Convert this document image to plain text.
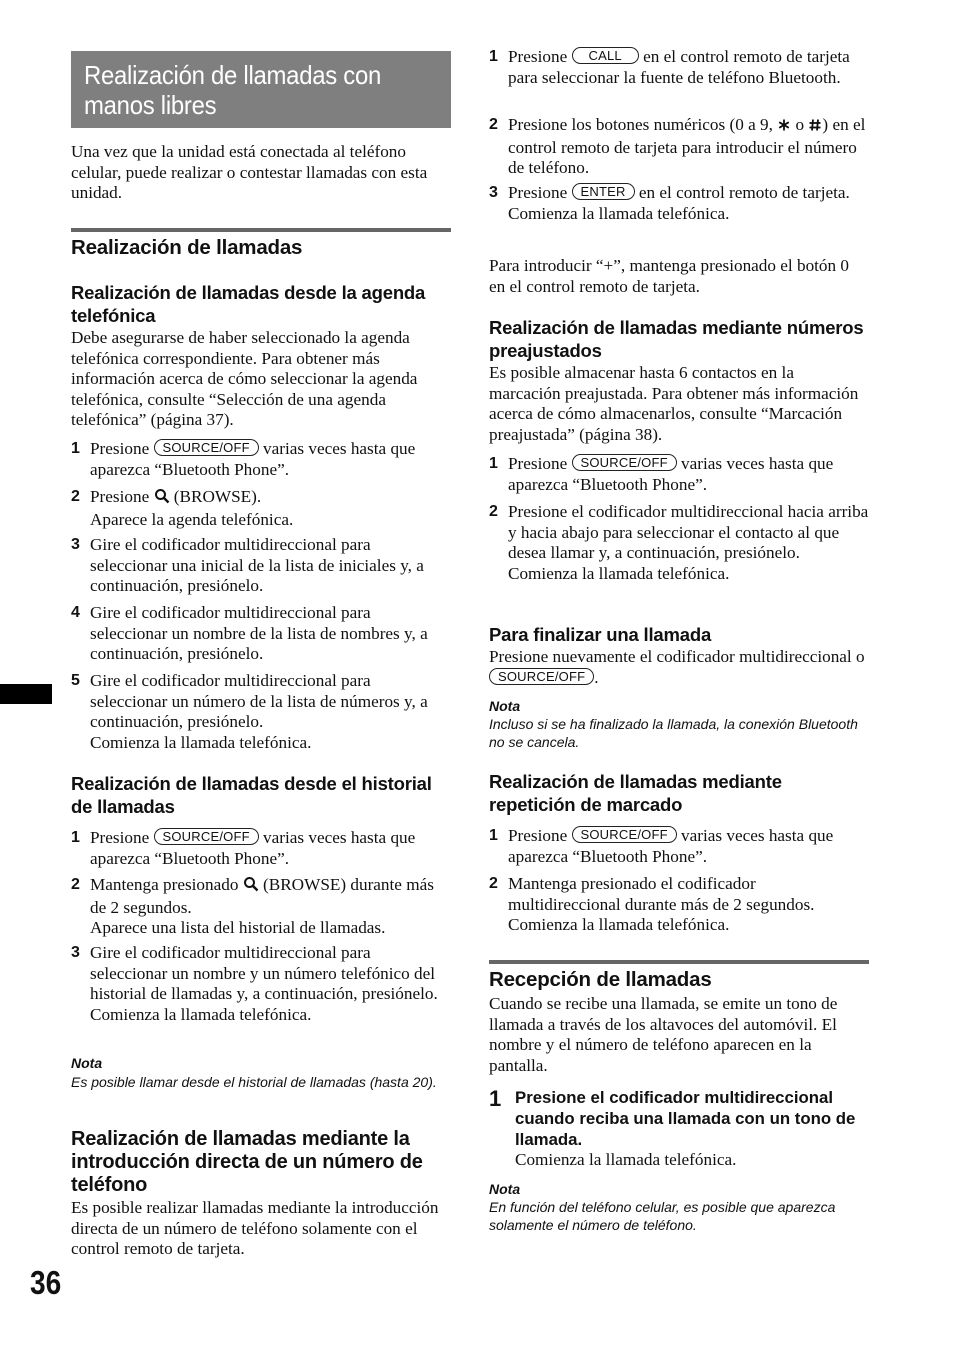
Realización de llamadas con manos libres

Una vez que la unidad está conectada al teléfono celular, puede realizar o contestar llamadas con esta unidad.

Realización de llamadas
Realización de llamadas desde la agenda telefónica

Debe asegurarse de haber seleccionado la agenda telefónica correspondiente. Para obtener más información acerca de cómo seleccionar la agenda telefónica, consulte “Selección de una agenda telefónica” (página 37).

1 Presione SOURCE/OFF varias veces hasta que aparezca “Bluetooth Phone”.
2 Presione (BROWSE).
Aparece la agenda telefónica.
3 Gire el codificador multidireccional para seleccionar una inicial de la lista de iniciales y, a continuación, presiónelo.
4 Gire el codificador multidireccional para seleccionar un nombre de la lista de nombres y, a continuación, presiónelo.
5 Gire el codificador multidireccional para seleccionar un número de la lista de números y, a continuación, presiónelo.
Comienza la llamada telefónica.
Realización de llamadas desde el historial de llamadas
1 Presione SOURCE/OFF varias veces hasta que aparezca “Bluetooth Phone”.
2 Mantenga presionado (BROWSE) durante más de 2 segundos.
Aparece una lista del historial de llamadas.
3 Gire el codificador multidireccional para seleccionar un nombre y un número telefónico del historial de llamadas y, a continuación, presiónelo.
Comienza la llamada telefónica.

Nota

Es posible llamar desde el historial de llamadas (hasta 20).

Realización de llamadas mediante la introducción directa de un número de teléfono

Es posible realizar llamadas mediante la introducción directa de un número de teléfono solamente con el control remoto de tarjeta.

36
1 Presione CALL en el control remoto de tarjeta para seleccionar la fuente de teléfono Bluetooth.
2 Presione los botones numéricos (0 a 9, o ) en el control remoto de tarjeta para introducir el número de teléfono.
3 Presione ENTER en el control remoto de tarjeta.
Comienza la llamada telefónica.

Para introducir “+”, mantenga presionado el botón 0 en el control remoto de tarjeta.

Realización de llamadas mediante números preajustados

Es posible almacenar hasta 6 contactos en la marcación preajustada. Para obtener más información acerca de cómo almacenarlos, consulte “Marcación preajustada” (página 38).

1 Presione SOURCE/OFF varias veces hasta que aparezca “Bluetooth Phone”.
2 Presione el codificador multidireccional hacia arriba y hacia abajo para seleccionar el contacto al que desea llamar y, a continuación, presiónelo.
Comienza la llamada telefónica.
Para finalizar una llamada

Presione nuevamente el codificador multidireccional o SOURCE/OFF .

Nota

Incluso si se ha finalizado la llamada, la conexión Bluetooth no se cancela.

Realización de llamadas mediante repetición de marcado
1 Presione SOURCE/OFF varias veces hasta que aparezca “Bluetooth Phone”.
2 Mantenga presionado el codificador multidireccional durante más de 2 segundos.
Comienza la llamada telefónica.
Recepción de llamadas

Cuando se recibe una llamada, se emite un tono de llamada a través de los altavoces del automóvil. El nombre y el número de teléfono aparecen en la pantalla.

1 Presione el codificador multidireccional cuando reciba una llamada con un tono de llamada.
Comienza la llamada telefónica.

Nota

En función del teléfono celular, es posible que aparezca solamente el número de teléfono.
